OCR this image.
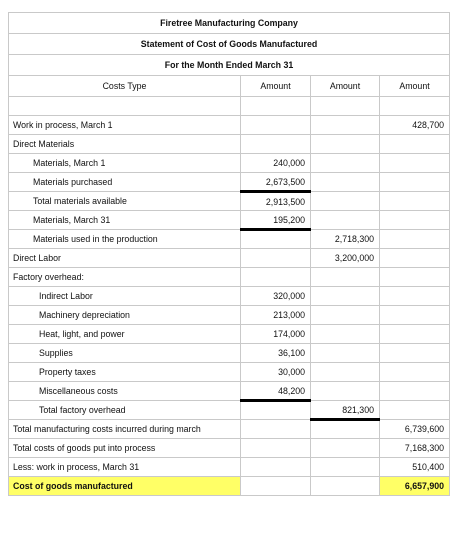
Firetree Manufacturing Company			
Statement of Cost of Goods Manufactured			
For the Month Ended March 31			
Costs Type	Amount	Amount	Amount

Work in process, March 1			428,700
Direct Materials			
Materials, March 1	240,000		
Materials purchased	2,673,500		
Total materials available	2,913,500		
Materials, March 31	195,200		
Materials used in the production		2,718,300	
Direct Labor		3,200,000	
Factory overhead:			
Indirect Labor	320,000		
Machinery depreciation	213,000		
Heat, light, and power	174,000		
Supplies	36,100		
Property taxes	30,000		
Miscellaneous costs	48,200		
Total factory overhead		821,300	
Total manufacturing costs incurred during march			6,739,600
Total costs of goods put into process			7,168,300
Less: work in process, March 31			510,400
Cost of goods manufactured			6,657,900
